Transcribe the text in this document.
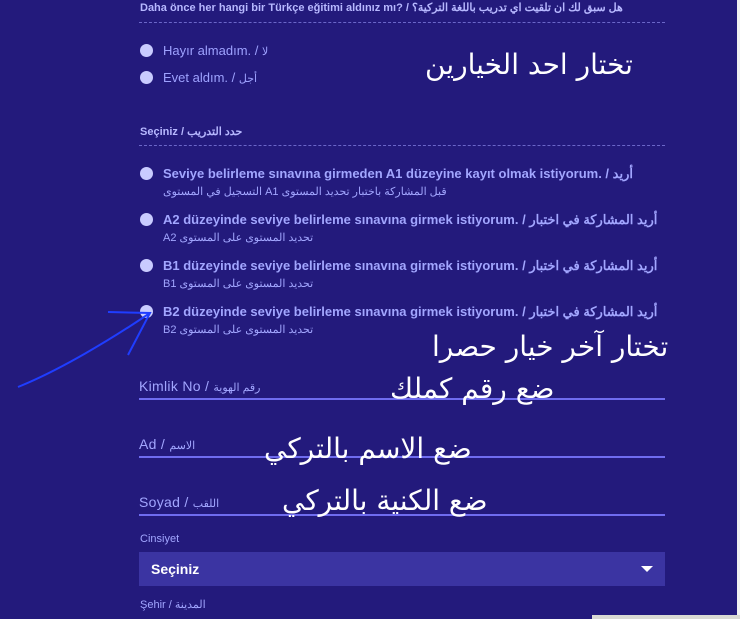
Daha önce her hangi bir Türkçe eğitimi aldınız mı? / هل سبق لك ان تلقيت اي تدريب باللغة التركية؟
Hayır almadım. / لا
Evet aldım. / أجل
Seçiniz / حدد التدريب
Seviye belirleme sınavına girmeden A1 düzeyine kayıt olmak istiyorum. / أريد
قبل المشاركة باختبار تحديد المستوى A1 التسجيل في المستوى
A2 düzeyinde seviye belirleme sınavına girmek istiyorum. / أريد المشاركة في اختبار
A2 تحديد المستوى على المستوى
B1 düzeyinde seviye belirleme sınavına girmek istiyorum. / أريد المشاركة في اختبار
B1 تحديد المستوى على المستوى
B2 düzeyinde seviye belirleme sınavına girmek istiyorum. / أريد المشاركة في اختبار
B2 تحديد المستوى على المستوى
Kimlik No / رقم الهوية
Ad / الاسم
Soyad / اللقب
Cinsiyet
Seçiniz
Şehir / المدينة
تختار احد الخيارين
تختار آخر خيار حصرا
ضع رقم كملك
ضع الاسم بالتركي
ضع الكنية بالتركي
